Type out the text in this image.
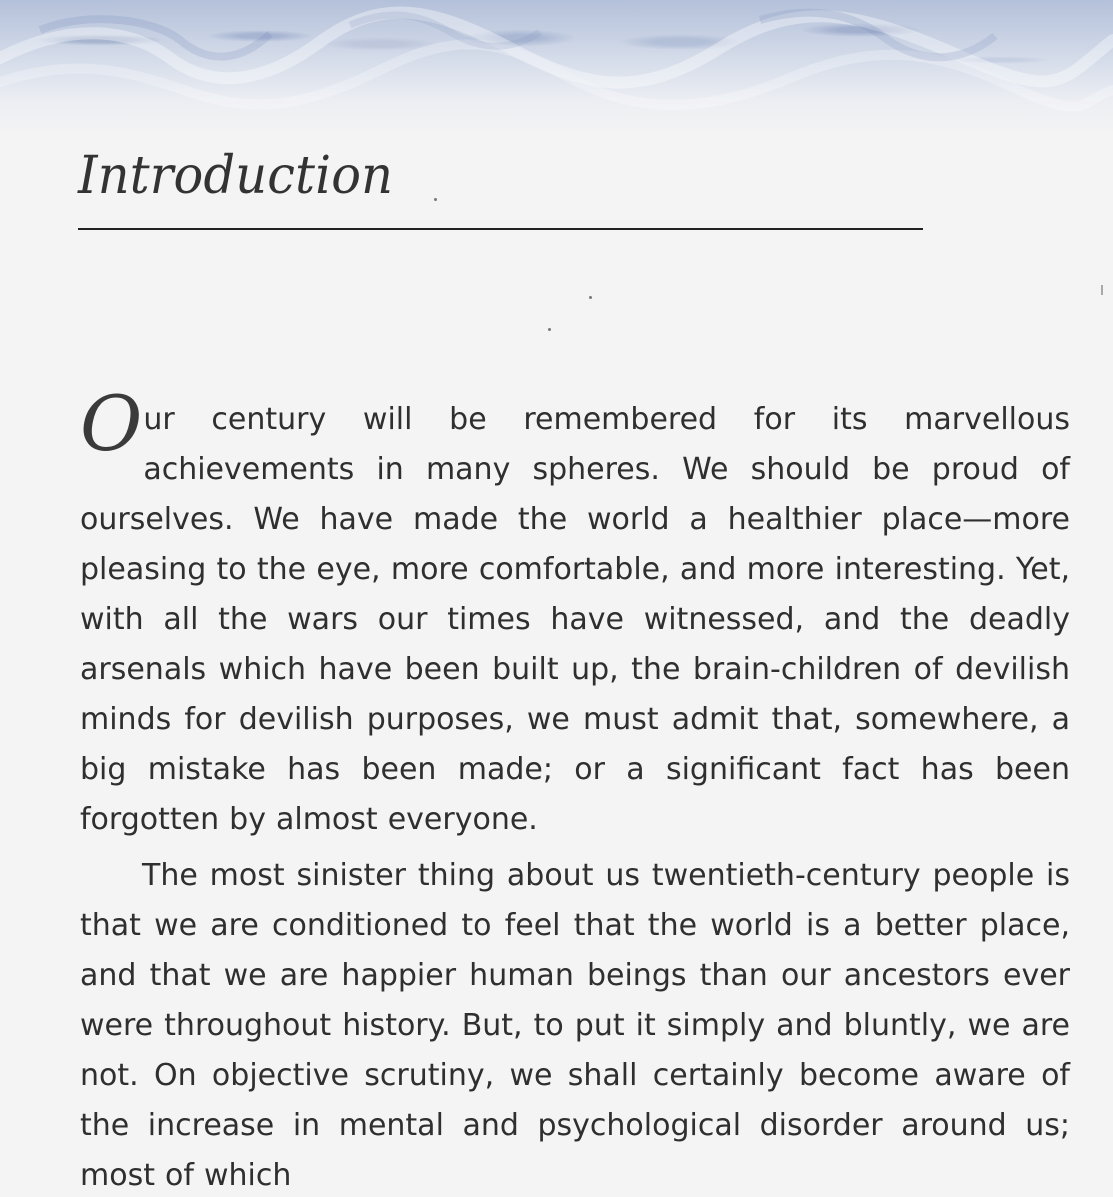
Introduction

Our century will be remembered for its marvellous achievements in many spheres. We should be proud of ourselves. We have made the world a healthier place—more pleasing to the eye, more comfortable, and more interesting. Yet, with all the wars our times have witnessed, and the deadly arsenals which have been built up, the brain-children of devilish minds for devilish purposes, we must admit that, somewhere, a big mistake has been made; or a significant fact has been forgotten by almost everyone.

The most sinister thing about us twentieth-century people is that we are conditioned to feel that the world is a better place, and that we are happier human beings than our ancestors ever were throughout history. But, to put it simply and bluntly, we are not. On objective scrutiny, we shall certainly become aware of the increase in mental and psychological disorder around us; most of which
